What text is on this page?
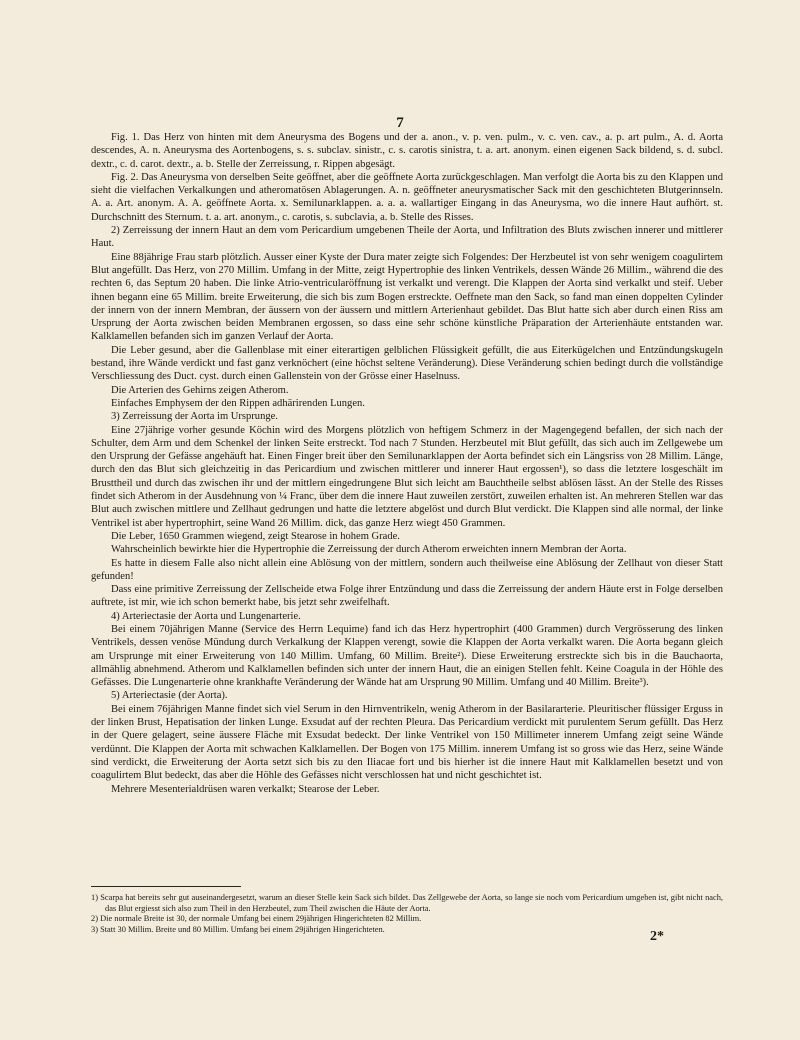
7

Fig. 1. Das Herz von hinten mit dem Aneurysma des Bogens und der a. anon., v. p. ven. pulm., v. c. ven. cav., a. p. art pulm., A. d. Aorta descendes, A. n. Aneurysma des Aortenbogens, s. s. subclav. sinistr., c. s. carotis sinistra, t. a. art. anonym. einen eigenen Sack bildend, s. d. subcl. dextr., c. d. carot. dextr., a. b. Stelle der Zerreissung, r. Rippen abgesägt.

Fig. 2. Das Aneurysma von derselben Seite geöffnet, aber die geöffnete Aorta zurückgeschlagen. Man verfolgt die Aorta bis zu den Klappen und sieht die vielfachen Verkalkungen und atheromatösen Ablagerungen. A. n. geöffneter aneurysmatischer Sack mit den geschichteten Blutgerinnseln. A. a. Art. anonym. A. A. geöffnete Aorta. x. Semilunarklappen. a. a. a. wallartiger Eingang in das Aneurysma, wo die innere Haut aufhört. st. Durchschnitt des Sternum. t. a. art. anonym., c. carotis, s. subclavia, a. b. Stelle des Risses.

2) Zerreissung der innern Haut an dem vom Pericardium umgebenen Theile der Aorta, und Infiltration des Bluts zwischen innerer und mittlerer Haut.

Eine 88jährige Frau starb plötzlich. Ausser einer Kyste der Dura mater zeigte sich Folgendes: Der Herzbeutel ist von sehr wenigem coagulirtem Blut angefüllt. Das Herz, von 270 Millim. Umfang in der Mitte, zeigt Hypertrophie des linken Ventrikels, dessen Wände 26 Millim., während die des rechten 6, das Septum 20 haben. Die linke Atrio-ventricularöffnung ist verkalkt und verengt. Die Klappen der Aorta sind verkalkt und steif. Ueber ihnen begann eine 65 Millim. breite Erweiterung, die sich bis zum Bogen erstreckte. Oeffnete man den Sack, so fand man einen doppelten Cylinder der innern von der innern Membran, der äussern von der äussern und mittlern Arterienhaut gebildet. Das Blut hatte sich aber durch einen Riss am Ursprung der Aorta zwischen beiden Membranen ergossen, so dass eine sehr schöne künstliche Präparation der Arterienhäute entstanden war. Kalklamellen befanden sich im ganzen Verlauf der Aorta.

Die Leber gesund, aber die Gallenblase mit einer eiterartigen gelblichen Flüssigkeit gefüllt, die aus Eiterkügelchen und Entzündungskugeln bestand, ihre Wände verdickt und fast ganz verknöchert (eine höchst seltene Veränderung). Diese Veränderung schien bedingt durch die vollständige Verschliessung des Duct. cyst. durch einen Gallenstein von der Grösse einer Haselnuss.

Die Arterien des Gehirns zeigen Atherom.

Einfaches Emphysem der den Rippen adhärirenden Lungen.

3) Zerreissung der Aorta im Ursprunge.

Eine 27jährige vorher gesunde Köchin wird des Morgens plötzlich von heftigem Schmerz in der Magengegend befallen, der sich nach der Schulter, dem Arm und dem Schenkel der linken Seite erstreckt. Tod nach 7 Stunden. Herzbeutel mit Blut gefüllt, das sich auch im Zellgewebe um den Ursprung der Gefässe angehäuft hat. Einen Finger breit über den Semilunarklappen der Aorta befindet sich ein Längsriss von 28 Millim. Länge, durch den das Blut sich gleichzeitig in das Pericardium und zwischen mittlerer und innerer Haut ergossen¹), so dass die letztere losgeschält im Brusttheil und durch das zwischen ihr und der mittlern eingedrungene Blut sich leicht am Bauchtheile selbst ablösen lässt. An der Stelle des Risses findet sich Atherom in der Ausdehnung von ¼ Franc, über dem die innere Haut zuweilen zerstört, zuweilen erhalten ist. An mehreren Stellen war das Blut auch zwischen mittlere und Zellhaut gedrungen und hatte die letztere abgelöst und durch Blut verdickt. Die Klappen sind alle normal, der linke Ventrikel ist aber hypertrophirt, seine Wand 26 Millim. dick, das ganze Herz wiegt 450 Grammen.

Die Leber, 1650 Grammen wiegend, zeigt Stearose in hohem Grade.

Wahrscheinlich bewirkte hier die Hypertrophie die Zerreissung der durch Atherom erweichten innern Membran der Aorta.

Es hatte in diesem Falle also nicht allein eine Ablösung von der mittlern, sondern auch theilweise eine Ablösung der Zellhaut von dieser Statt gefunden!

Dass eine primitive Zerreissung der Zellscheide etwa Folge ihrer Entzündung und dass die Zerreissung der andern Häute erst in Folge derselben auftrete, ist mir, wie ich schon bemerkt habe, bis jetzt sehr zweifelhaft.

4) Arteriectasie der Aorta und Lungenarterie.

Bei einem 70jährigen Manne (Service des Herrn Lequime) fand ich das Herz hypertrophirt (400 Grammen) durch Vergrösserung des linken Ventrikels, dessen venöse Mündung durch Verkalkung der Klappen verengt, sowie die Klappen der Aorta verkalkt waren. Die Aorta begann gleich am Ursprunge mit einer Erweiterung von 140 Millim. Umfang, 60 Millim. Breite²). Diese Erweiterung erstreckte sich bis in die Bauchaorta, allmählig abnehmend. Atherom und Kalklamellen befinden sich unter der innern Haut, die an einigen Stellen fehlt. Keine Coagula in der Höhle des Gefässes. Die Lungenarterie ohne krankhafte Veränderung der Wände hat am Ursprung 90 Millim. Umfang und 40 Millim. Breite³).

5) Arteriectasie (der Aorta).

Bei einem 76jährigen Manne findet sich viel Serum in den Hirnventrikeln, wenig Atherom in der Basilararterie. Pleuritischer flüssiger Erguss in der linken Brust, Hepatisation der linken Lunge. Exsudat auf der rechten Pleura. Das Pericardium verdickt mit purulentem Serum gefüllt. Das Herz in der Quere gelagert, seine äussere Fläche mit Exsudat bedeckt. Der linke Ventrikel von 150 Millimeter innerem Umfang zeigt seine Wände verdünnt. Die Klappen der Aorta mit schwachen Kalklamellen. Der Bogen von 175 Millim. innerem Umfang ist so gross wie das Herz, seine Wände sind verdickt, die Erweiterung der Aorta setzt sich bis zu den Iliacae fort und bis hierher ist die innere Haut mit Kalklamellen besetzt und von coagulirtem Blut bedeckt, das aber die Höhle des Gefässes nicht verschlossen hat und nicht geschichtet ist.

Mehrere Mesenterialdrüsen waren verkalkt; Stearose der Leber.

1) Scarpa hat bereits sehr gut auseinandergesetzt, warum an dieser Stelle kein Sack sich bildet. Das Zellgewebe der Aorta, so lange sie noch vom Pericardium umgeben ist, gibt nicht nach, das Blut ergiesst sich also zum Theil in den Herzbeutel, zum Theil zwischen die Häute der Aorta.

2) Die normale Breite ist 30, der normale Umfang bei einem 29jährigen Hingerichteten 82 Millim.

3) Statt 30 Millim. Breite und 80 Millim. Umfang bei einem 29jährigen Hingerichteten.	2*
